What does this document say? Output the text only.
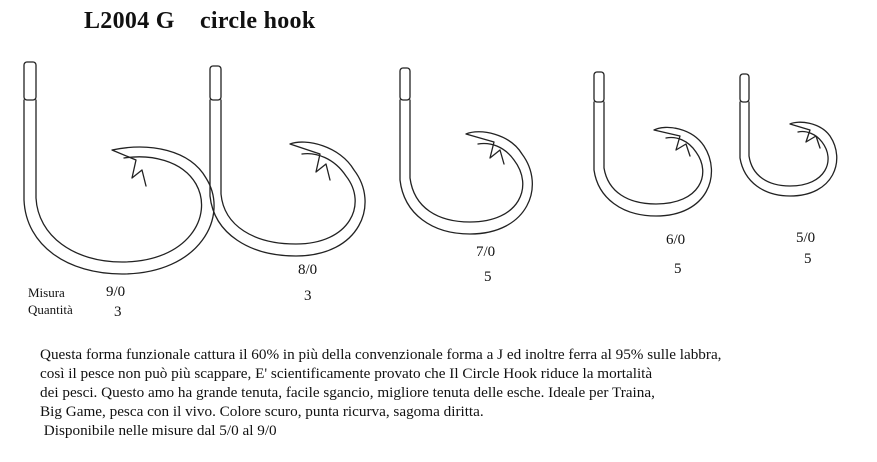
L2004 G    circle hook
Misura
Quantità
9/0
3
8/0
3
7/0
5
6/0
5
5/0
5
Questa forma funzionale cattura il 60% in più della convenzionale forma a J ed inoltre ferra al 95% sulle labbra,
così il pesce non può più scappare, E' scientificamente provato che Il Circle Hook riduce la mortalità
dei pesci. Questo amo ha grande tenuta, facile sgancio, migliore tenuta delle esche. Ideale per Traina,
Big Game, pesca con il vivo. Colore scuro, punta ricurva, sagoma diritta.
Disponibile nelle misure dal 5/0 al 9/0
